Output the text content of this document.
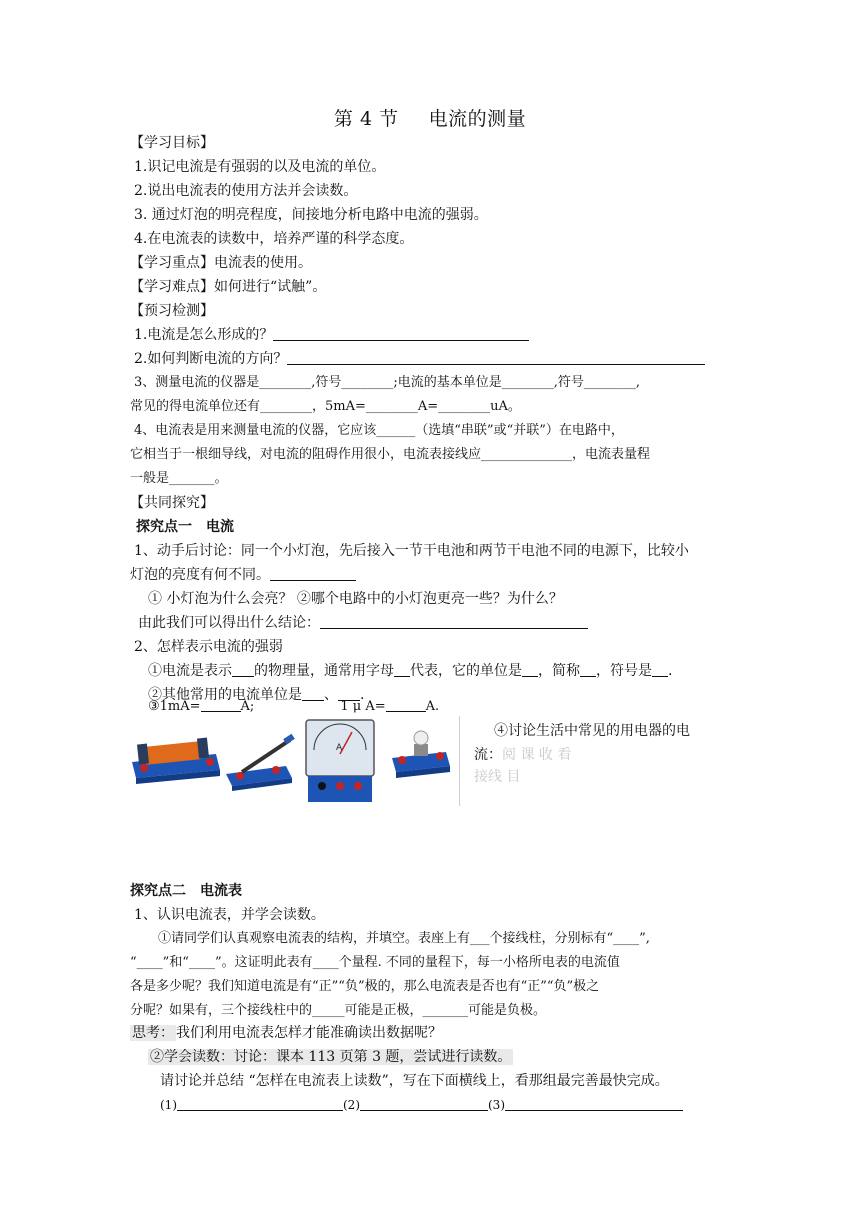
第 4 节 电流的测量
【学习目标】
1.识记电流是有强弱的以及电流的单位。
2.说出电流表的使用方法并会读数。
3. 通过灯泡的明亮程度，间接地分析电路中电流的强弱。
4.在电流表的读数中，培养严谨的科学态度。
【学习重点】电流表的使用。
【学习难点】如何进行“试触”。
【预习检测】
1.电流是怎么形成的？
2.如何判断电流的方向？
3、测量电流的仪器是________,符号________;电流的基本单位是________,符号________,
常见的得电流单位还有________，5mA=________A=________uA。
4、电流表是用来测量电流的仪器，它应该______（选填“串联”或“并联”）在电路中，
它相当于一根细导线，对电流的阻碍作用很小，电流表接线应______________，电流表量程
一般是_______。
【共同探究】
探究点一　电流
1、动手后讨论：同一个小灯泡，先后接入一节干电池和两节干电池不同的电源下，比较小
灯泡的亮度有何不同。
① 小灯泡为什么会亮？ ②哪个电路中的小灯泡更亮一些？为什么？
由此我们可以得出什么结论：
2、怎样表示电流的强弱
①电流是表示 的物理量，通常用字母 代表，它的单位是 ，简称 ，符号是 .
②其他常用的电流单位是 、 .
③1mA=	A;	1 μ A=	A.
A
④讨论生活中常见的用电器的电
流：阅 课 收 看
接线 目
探究点二　电流表
1、认识电流表，并学会读数。
①请同学们认真观察电流表的结构，并填空。表座上有___个接线柱，分别标有“____”,
“____”和“____”。这证明此表有____个量程. 不同的量程下，每一小格所电表的电流值
各是多少呢？我们知道电流是有“正”“负”极的，那么电流表是否也有“正”“负”极之
分呢？如果有，三个接线柱中的_____可能是正极，_______可能是负极。
思考： 我们利用电流表怎样才能准确读出数据呢？
②学会读数：讨论：课本 113 页第 3 题，尝试进行读数。
请讨论并总结 “怎样在电流表上读数”，写在下面横线上，看那组最完善最快完成。
(1)	(2)	(3)
